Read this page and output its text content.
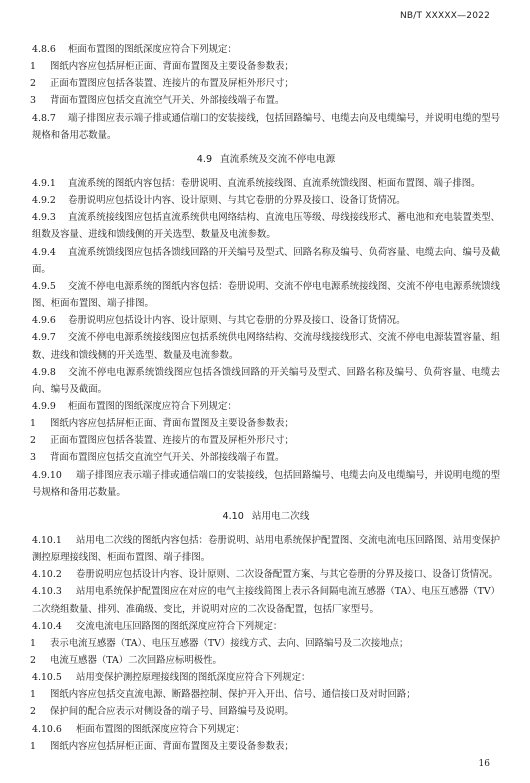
NB/T XXXXX—2022
4.8.6 柜面布置图的图纸深度应符合下列规定：
1 图纸内容应包括屏柜正面、背面布置图及主要设备参数表；
2 正面布置图应包括各装置、连接片的布置及屏柜外形尺寸；
3 背面布置图应包括交直流空气开关、外部接线端子布置。
4.8.7 端子排图应表示端子排或通信端口的安装接线，包括回路编号、电缆去向及电缆编号，并说明电缆的型号规格和备用芯数量。
4.9 直流系统及交流不停电电源
4.9.1 直流系统的图纸内容包括：卷册说明、直流系统接线图、直流系统馈线图、柜面布置图、端子排图。
4.9.2 卷册说明应包括设计内容、设计原则、与其它卷册的分界及接口、设备订货情况。
4.9.3 直流系统接线图应包括直流系统供电网络结构、直流电压等级、母线接线形式、蓄电池和充电装置类型、组数及容量、进线和馈线侧的开关选型、数量及电流参数。
4.9.4 直流系统馈线图应包括各馈线回路的开关编号及型式、回路名称及编号、负荷容量、电缆去向、编号及截面。
4.9.5 交流不停电电源系统的图纸内容包括：卷册说明、交流不停电电源系统接线图、交流不停电电源系统馈线图、柜面布置图、端子排图。
4.9.6 卷册说明应包括设计内容、设计原则、与其它卷册的分界及接口、设备订货情况。
4.9.7 交流不停电电源系统接线图应包括系统供电网络结构、交流母线接线形式、交流不停电电源装置容量、组数、进线和馈线侧的开关选型、数量及电流参数。
4.9.8 交流不停电电源系统馈线图应包括各馈线回路的开关编号及型式、回路名称及编号、负荷容量、电缆去向、编号及截面。
4.9.9 柜面布置图的图纸深度应符合下列规定：
1 图纸内容应包括屏柜正面、背面布置图及主要设备参数表；
2 正面布置图应包括各装置、连接片的布置及屏柜外形尺寸；
3 背面布置图应包括交直流空气开关、外部接线端子布置。
4.9.10 端子排图应表示端子排或通信端口的安装接线，包括回路编号、电缆去向及电缆编号，并说明电缆的型号规格和备用芯数量。
4.10 站用电二次线
4.10.1 站用电二次线的图纸内容包括：卷册说明、站用电系统保护配置图、交流电流电压回路图、站用变保护测控原理接线图、柜面布置图、端子排图。
4.10.2 卷册说明应包括设计内容、设计原则、二次设备配置方案、与其它卷册的分界及接口、设备订货情况。
4.10.3 站用电系统保护配置图应在对应的电气主接线简图上表示各间隔电流互感器（TA）、电压互感器（TV）二次绕组数量、排列、准确级、变比，并说明对应的二次设备配置，包括厂家型号。
4.10.4 交流电流电压回路图的图纸深度应符合下列规定：
1 表示电流互感器（TA）、电压互感器（TV）接线方式、去向、回路编号及二次接地点；
2 电流互感器（TA）二次回路应标明极性。
4.10.5 站用变保护测控原理接线图的图纸深度应符合下列规定：
1 图纸内容应包括交直流电源、断路器控制、保护开入开出、信号、通信接口及对时回路；
2 保护间的配合应表示对侧设备的端子号、回路编号及说明。
4.10.6 柜面布置图的图纸深度应符合下列规定：
1 图纸内容应包括屏柜正面、背面布置图及主要设备参数表；
16
